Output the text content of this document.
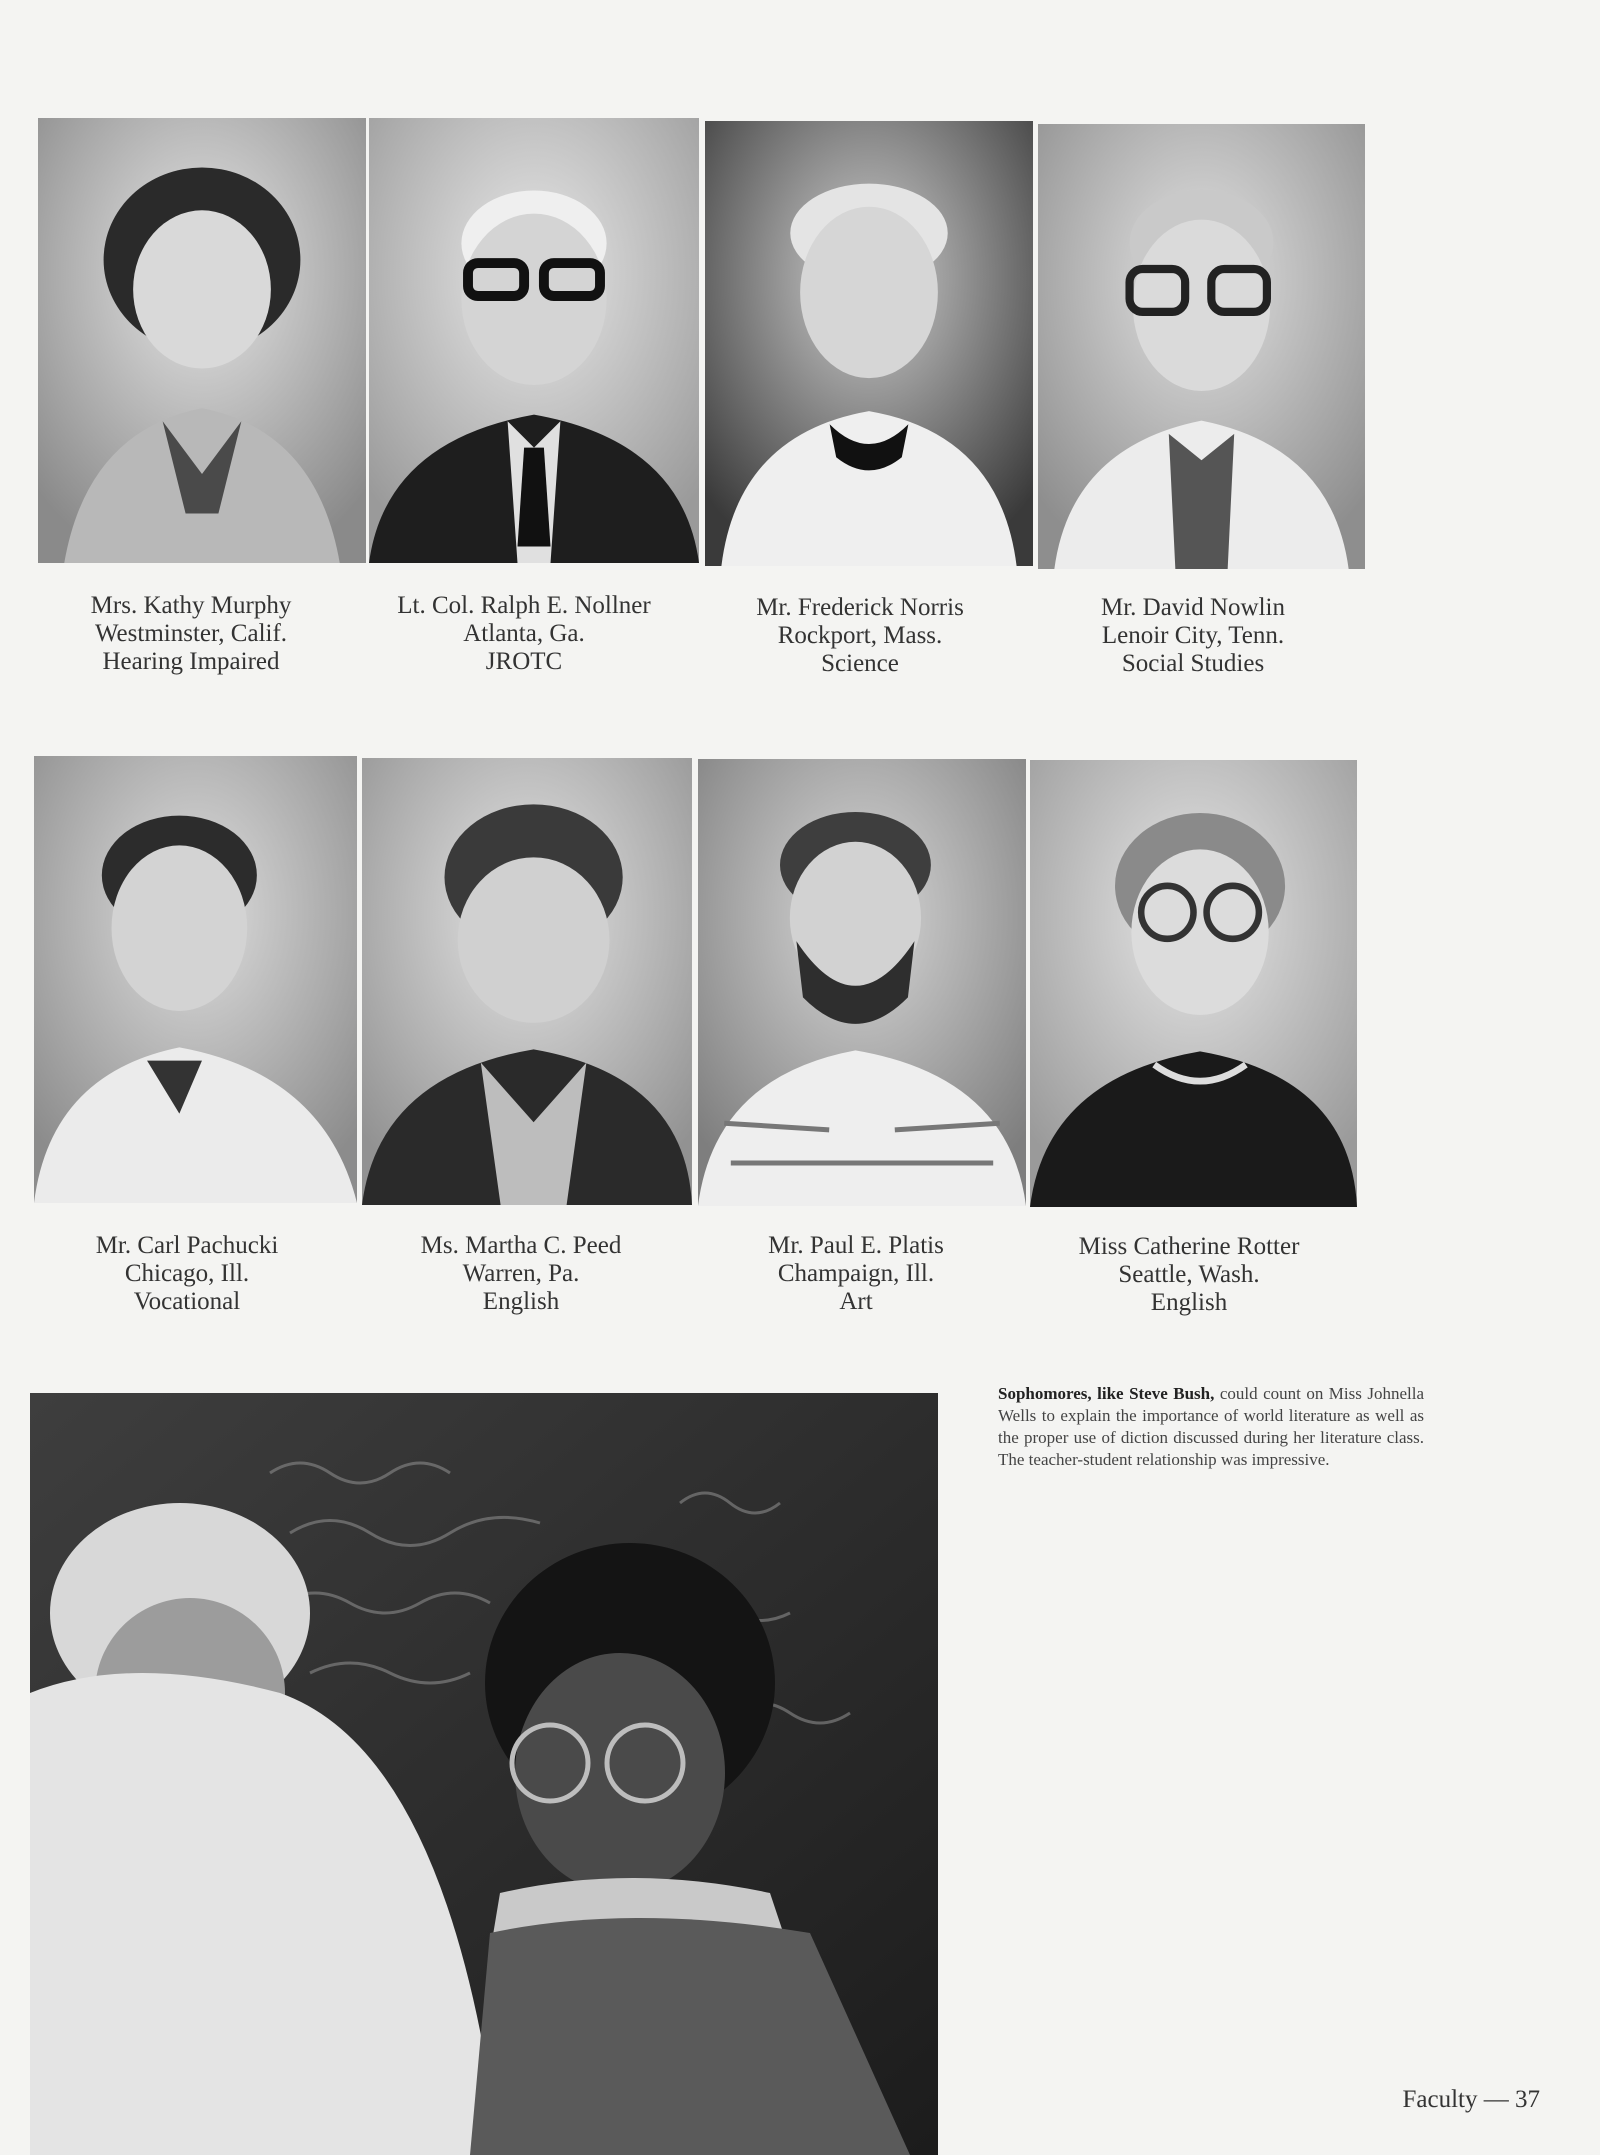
Mrs. Kathy Murphy
Westminster, Calif.
Hearing Impaired
Lt. Col. Ralph E. Nollner
Atlanta, Ga.
JROTC
Mr. Frederick Norris
Rockport, Mass.
Science
Mr. David Nowlin
Lenoir City, Tenn.
Social Studies
Mr. Carl Pachucki
Chicago, Ill.
Vocational
Ms. Martha C. Peed
Warren, Pa.
English
Mr. Paul E. Platis
Champaign, Ill.
Art
Miss Catherine Rotter
Seattle, Wash.
English
Sophomores, like Steve Bush, could count on Miss Johnella Wells to explain the importance of world literature as well as the proper use of diction discussed during her literature class. The teacher-student relationship was impressive.
Faculty — 37
